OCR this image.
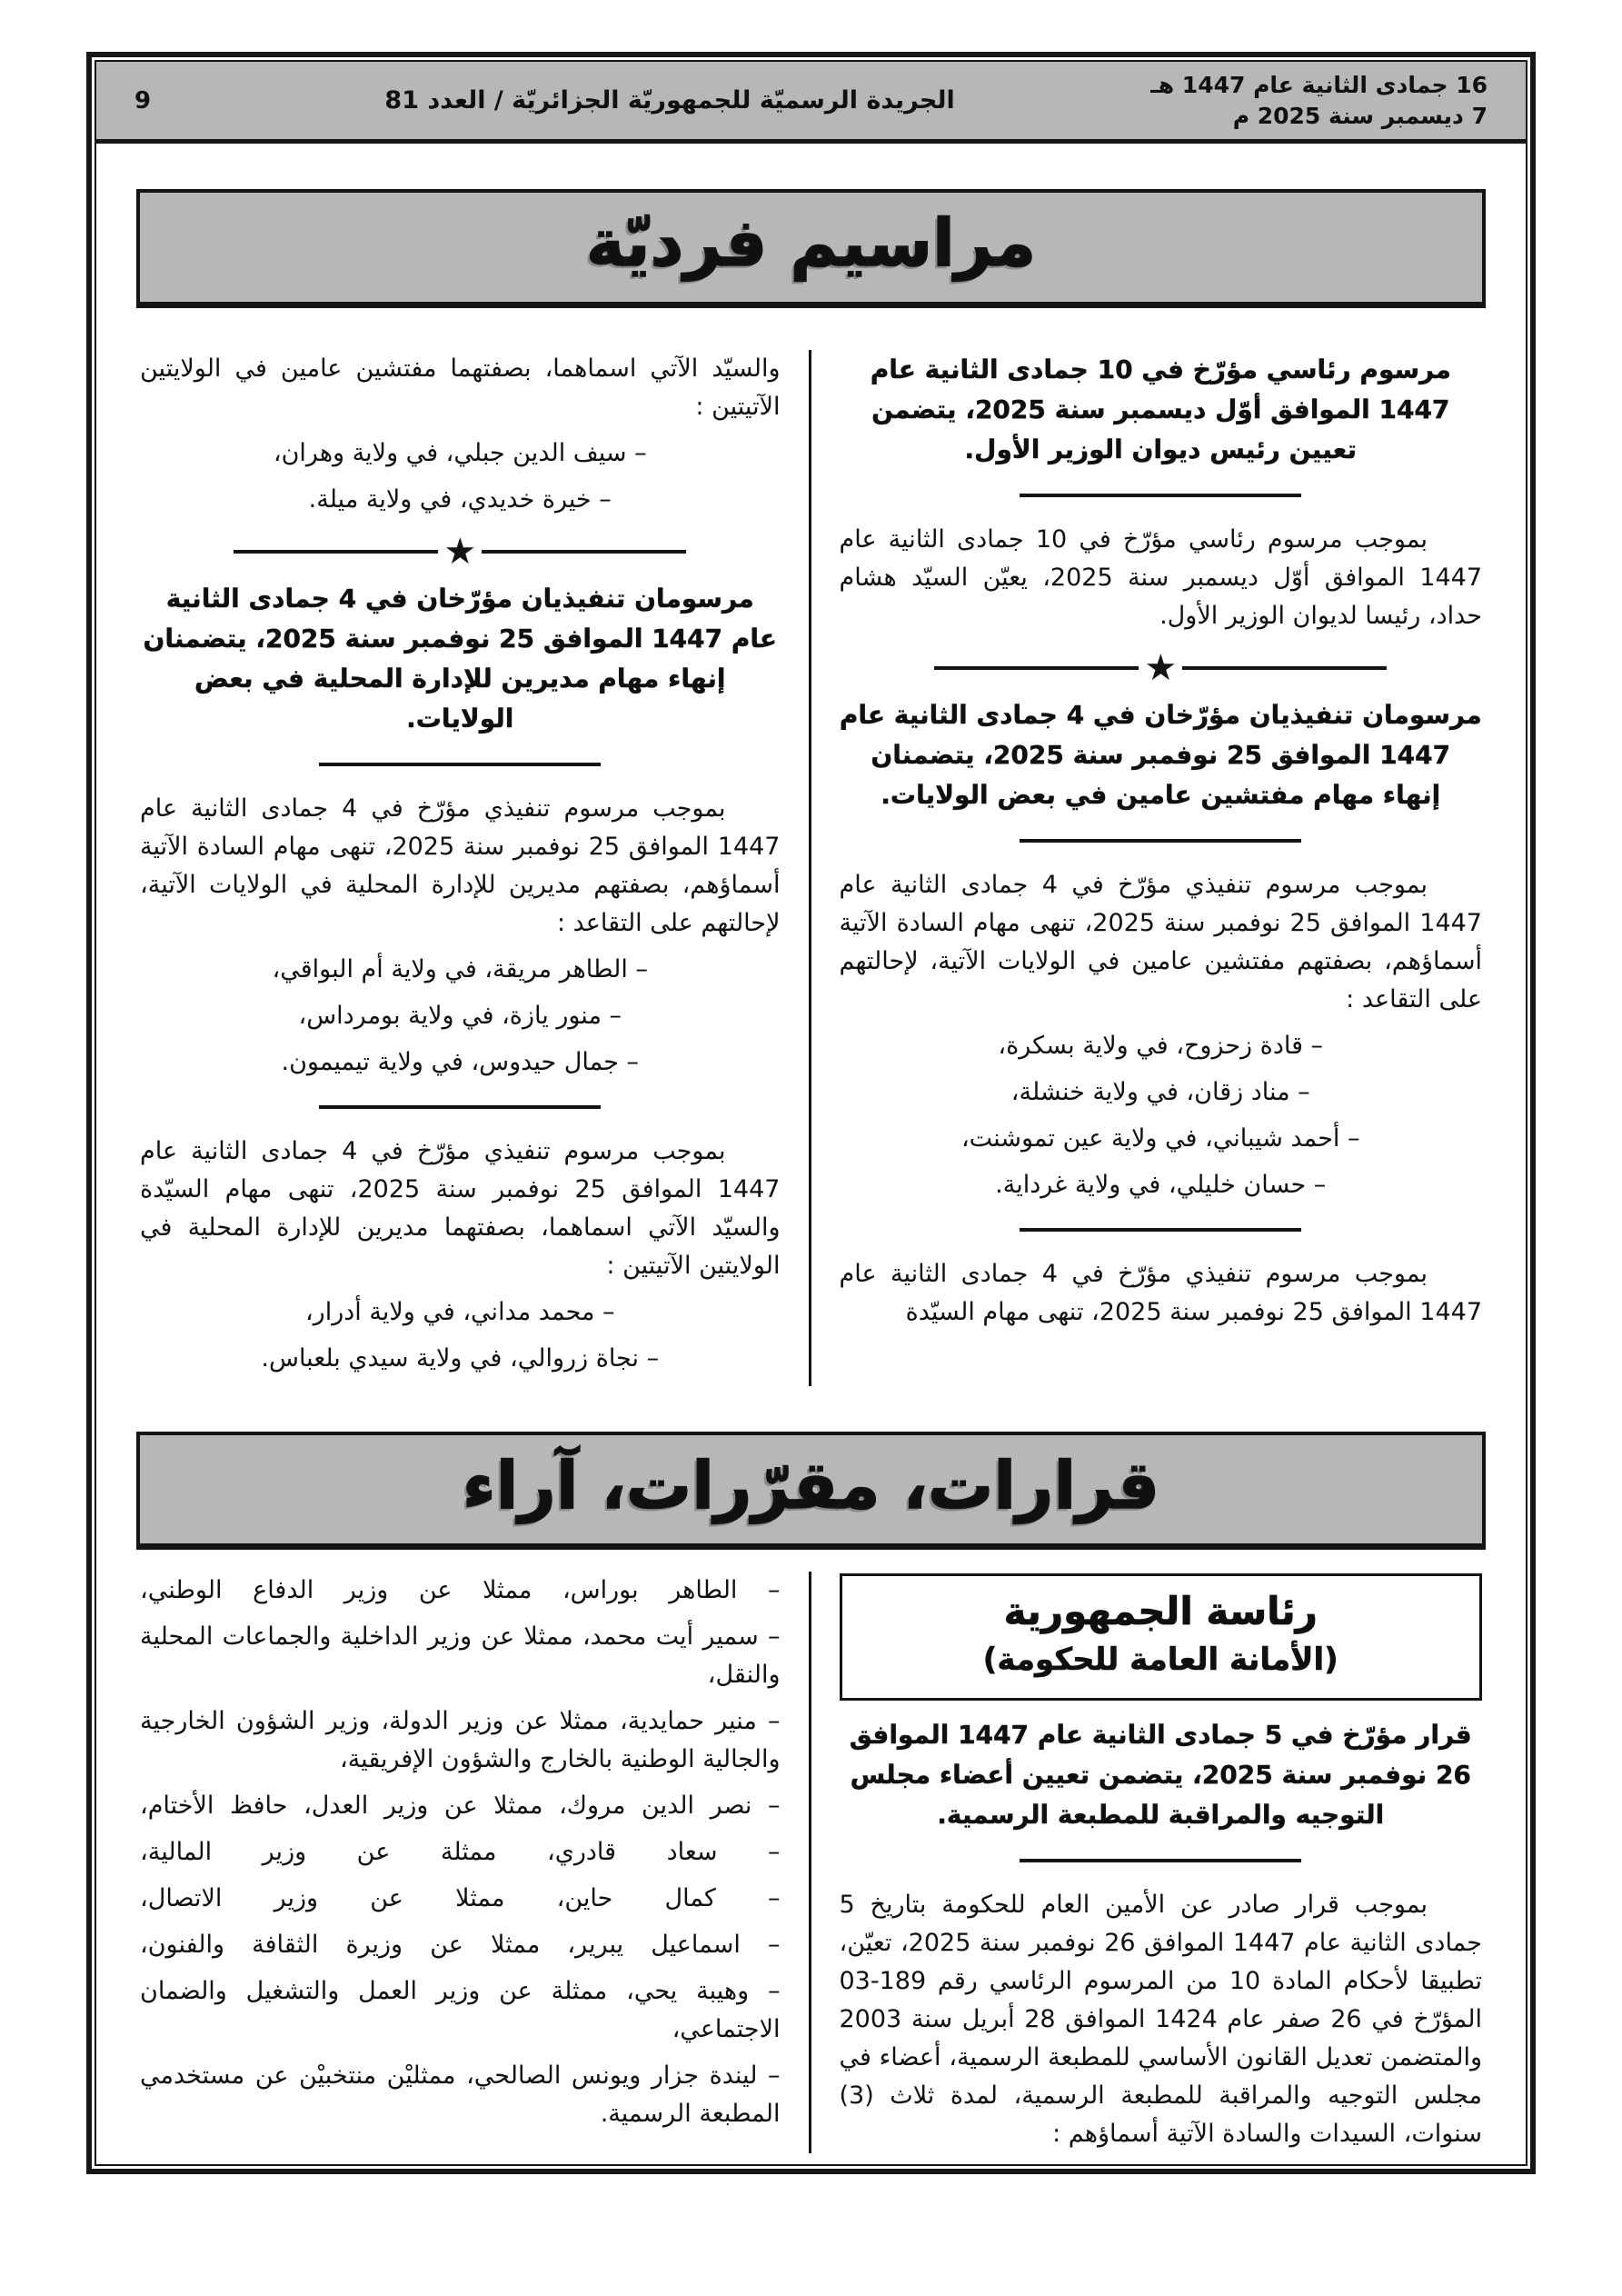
16 جمادى الثانية عام 1447 هـ
7 ديسمبر سنة 2025 م
الجريدة الرسميّة للجمهوريّة الجزائريّة / العدد 81
9
مراسيم فرديّة

مرسوم رئاسي مؤرّخ في 10 جمادى الثانية عام 1447 الموافق أوّل ديسمبر سنة 2025، يتضمن تعيين رئيس ديوان الوزير الأول.

بموجب مرسوم رئاسي مؤرّخ في 10 جمادى الثانية عام 1447 الموافق أوّل ديسمبر سنة 2025، يعيّن السيّد هشام حداد، رئيسا لديوان الوزير الأول.

★

مرسومان تنفيذيان مؤرّخان في 4 جمادى الثانية عام 1447 الموافق 25 نوفمبر سنة 2025، يتضمنان إنهاء مهام مفتشين عامين في بعض الولايات.

بموجب مرسوم تنفيذي مؤرّخ في 4 جمادى الثانية عام 1447 الموافق 25 نوفمبر سنة 2025، تنهى مهام السادة الآتية أسماؤهم، بصفتهم مفتشين عامين في الولايات الآتية، لإحالتهم على التقاعد :

– قادة زحزوح، في ولاية بسكرة،

– مناد زقان، في ولاية خنشلة،

– أحمد شيباني، في ولاية عين تموشنت،

– حسان خليلي، في ولاية غرداية.

بموجب مرسوم تنفيذي مؤرّخ في 4 جمادى الثانية عام 1447 الموافق 25 نوفمبر سنة 2025، تنهى مهام السيّدة

والسيّد الآتي اسماهما، بصفتهما مفتشين عامين في الولايتين الآتيتين :

– سيف الدين جبلي، في ولاية وهران،

– خيرة خديدي، في ولاية ميلة.

★

مرسومان تنفيذيان مؤرّخان في 4 جمادى الثانية عام 1447 الموافق 25 نوفمبر سنة 2025، يتضمنان إنهاء مهام مديرين للإدارة المحلية في بعض الولايات.

بموجب مرسوم تنفيذي مؤرّخ في 4 جمادى الثانية عام 1447 الموافق 25 نوفمبر سنة 2025، تنهى مهام السادة الآتية أسماؤهم، بصفتهم مديرين للإدارة المحلية في الولايات الآتية، لإحالتهم على التقاعد :

– الطاهر مريقة، في ولاية أم البواقي،

– منور يازة، في ولاية بومرداس،

– جمال حيدوس، في ولاية تيميمون.

بموجب مرسوم تنفيذي مؤرّخ في 4 جمادى الثانية عام 1447 الموافق 25 نوفمبر سنة 2025، تنهى مهام السيّدة والسيّد الآتي اسماهما، بصفتهما مديرين للإدارة المحلية في الولايتين الآتيتين :

– محمد مداني، في ولاية أدرار،

– نجاة زروالي، في ولاية سيدي بلعباس.

قرارات، مقرّرات، آراء
رئاسة الجمهورية
(الأمانة العامة للحكومة)

قرار مؤرّخ في 5 جمادى الثانية عام 1447 الموافق 26 نوفمبر سنة 2025، يتضمن تعيين أعضاء مجلس التوجيه والمراقبة للمطبعة الرسمية.

بموجب قرار صادر عن الأمين العام للحكومة بتاريخ 5 جمادى الثانية عام 1447 الموافق 26 نوفمبر سنة 2025، تعيّن، تطبيقا لأحكام المادة 10 من المرسوم الرئاسي رقم 189-03 المؤرّخ في 26 صفر عام 1424 الموافق 28 أبريل سنة 2003 والمتضمن تعديل القانون الأساسي للمطبعة الرسمية، أعضاء في مجلس التوجيه والمراقبة للمطبعة الرسمية، لمدة ثلاث (3) سنوات، السيدات والسادة الآتية أسماؤهم :

– الطاهر بوراس، ممثلا عن وزير الدفاع الوطني،

– سمير أيت محمد، ممثلا عن وزير الداخلية والجماعات المحلية والنقل،

– منير حمايدية، ممثلا عن وزير الدولة، وزير الشؤون الخارجية والجالية الوطنية بالخارج والشؤون الإفريقية،

– نصر الدين مروك، ممثلا عن وزير العدل، حافظ الأختام،

– سعاد قادري، ممثلة عن وزير المالية،

– كمال حاين، ممثلا عن وزير الاتصال،

– اسماعيل يبرير، ممثلا عن وزيرة الثقافة والفنون،

– وهيبة يحي، ممثلة عن وزير العمل والتشغيل والضمان الاجتماعي،

– ليندة جزار ويونس الصالحي، ممثليْن منتخبيْن عن مستخدمي المطبعة الرسمية.
